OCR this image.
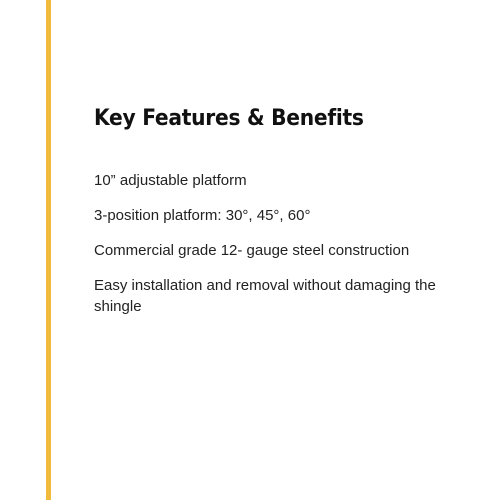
Key Features & Benefits
10” adjustable platform
3-position platform: 30°, 45°, 60°
Commercial grade 12- gauge steel construction
Easy installation and removal without damaging the shingle
